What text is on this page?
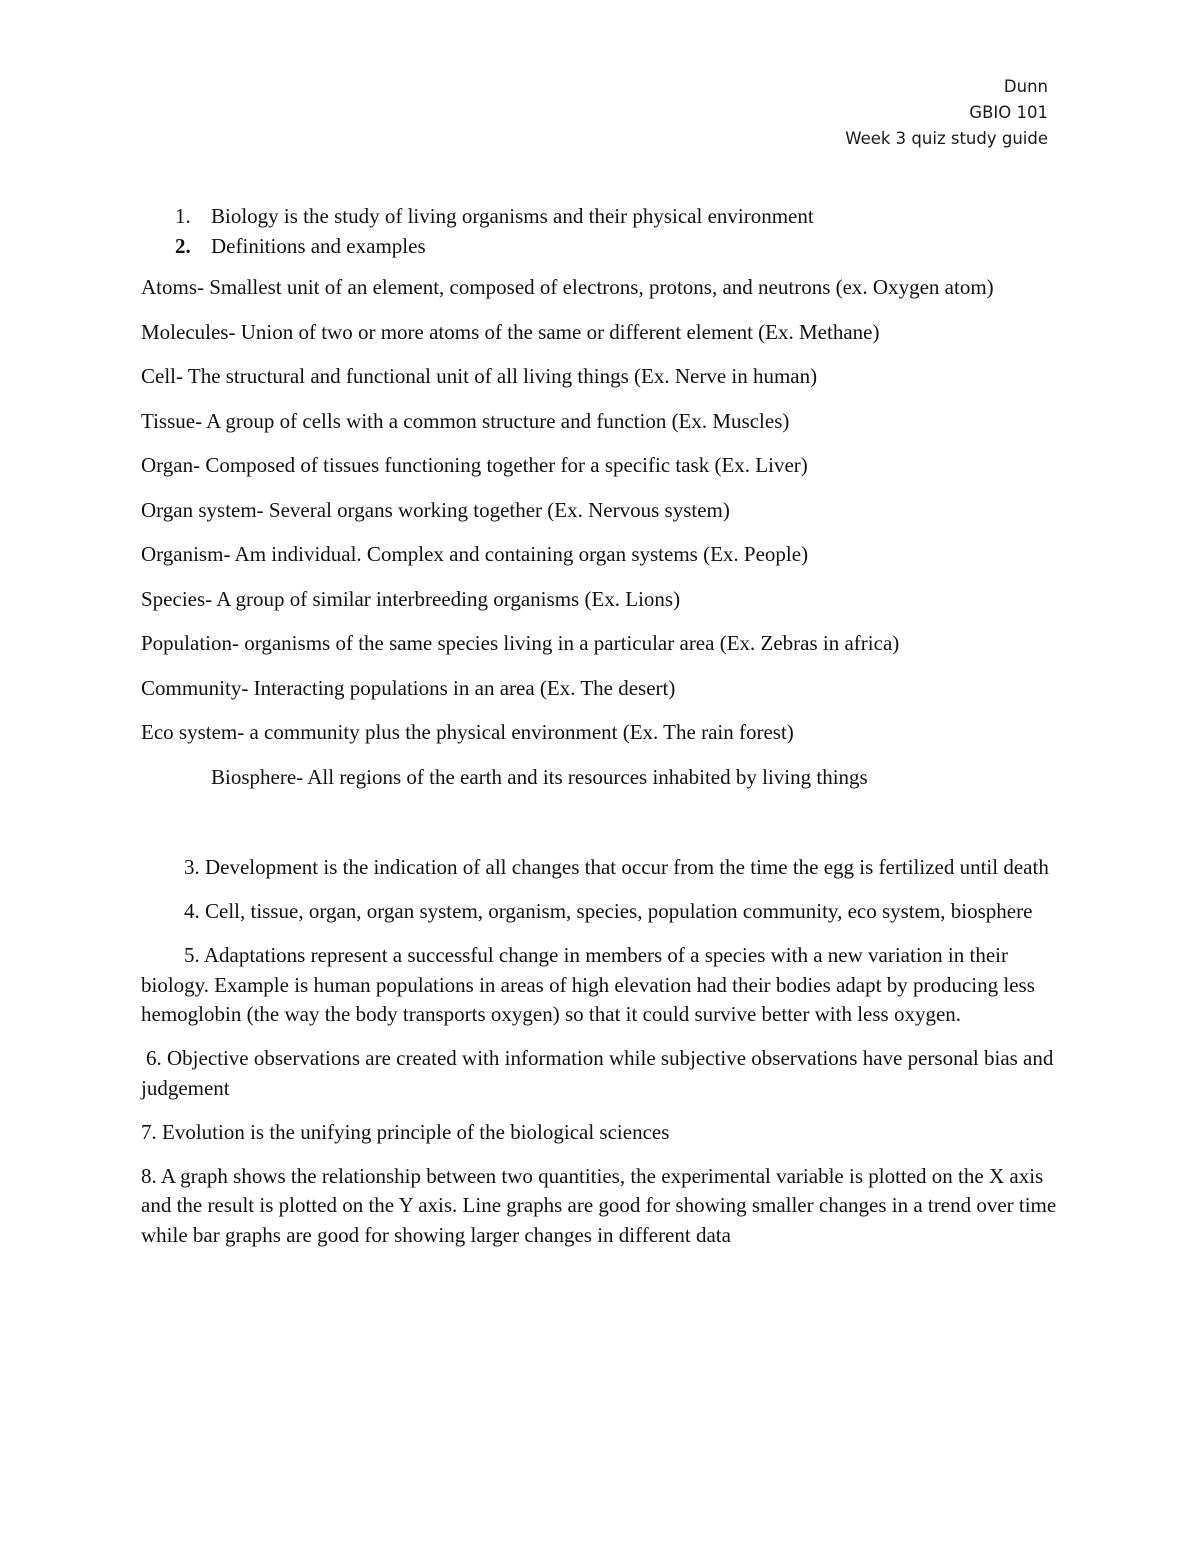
Dunn
GBIO 101
Week 3 quiz study guide
1. Biology is the study of living organisms and their physical environment
2. Definitions and examples

Atoms- Smallest unit of an element, composed of electrons, protons, and neutrons (ex. Oxygen atom)

Molecules- Union of two or more atoms of the same or different element (Ex. Methane)

Cell- The structural and functional unit of all living things (Ex. Nerve in human)

Tissue- A group of cells with a common structure and function (Ex. Muscles)

Organ- Composed of tissues functioning together for a specific task (Ex. Liver)

Organ system- Several organs working together (Ex. Nervous system)

Organism- Am individual. Complex and containing organ systems (Ex. People)

Species- A group of similar interbreeding organisms (Ex. Lions)

Population- organisms of the same species living in a particular area (Ex. Zebras in africa)

Community- Interacting populations in an area (Ex. The desert)

Eco system- a community plus the physical environment (Ex. The rain forest)

Biosphere- All regions of the earth and its resources inhabited by living things

3. Development is the indication of all changes that occur from the time the egg is fertilized until death

4. Cell, tissue, organ, organ system, organism, species, population community, eco system, biosphere

5. Adaptations represent a successful change in members of a species with a new variation in their biology. Example is human populations in areas of high elevation had their bodies adapt by producing less hemoglobin (the way the body transports oxygen) so that it could survive better with less oxygen.

6. Objective observations are created with information while subjective observations have personal bias and judgement

7. Evolution is the unifying principle of the biological sciences

8. A graph shows the relationship between two quantities, the experimental variable is plotted on the X axis and the result is plotted on the Y axis. Line graphs are good for showing smaller changes in a trend over time while bar graphs are good for showing larger changes in different data
